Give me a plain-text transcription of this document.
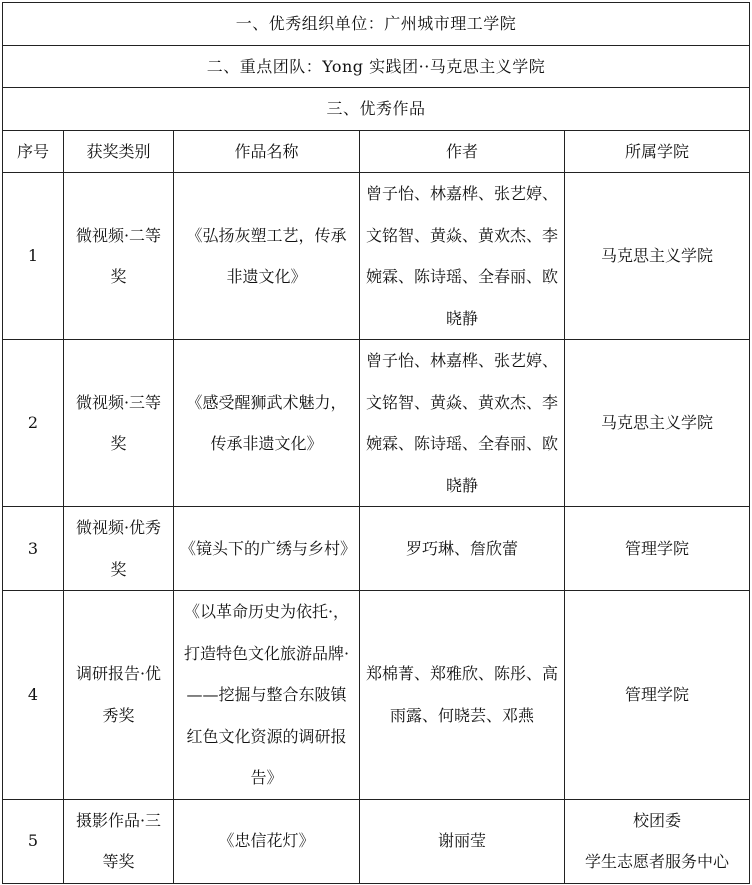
一、优秀组织单位：广州城市理工学院				
二、重点团队：Yong 实践团··马克思主义学院				
三、优秀作品				
序号	获奖类别	作品名称	作者	所属学院
1	微视频·二等奖	《弘扬灰塑工艺，传承非遗文化》	曾子怡、林嘉桦、张艺婷、文铭智、黄焱、黄欢杰、李婉霖、陈诗瑶、全春丽、欧晓静	马克思主义学院
2	微视频·三等奖	《感受醒狮武术魅力，传承非遗文化》	曾子怡、林嘉桦、张艺婷、文铭智、黄焱、黄欢杰、李婉霖、陈诗瑶、全春丽、欧晓静	马克思主义学院
3	微视频·优秀奖	《镜头下的广绣与乡村》	罗巧琳、詹欣蕾	管理学院
4	调研报告·优秀奖	《以革命历史为依托·，打造特色文化旅游品牌·——挖掘与整合东陂镇红色文化资源的调研报告》	郑棉菁、郑雅欣、陈彤、高雨露、何晓芸、邓燕	管理学院
5	摄影作品·三等奖	《忠信花灯》	谢丽莹	校团委
学生志愿者服务中心
